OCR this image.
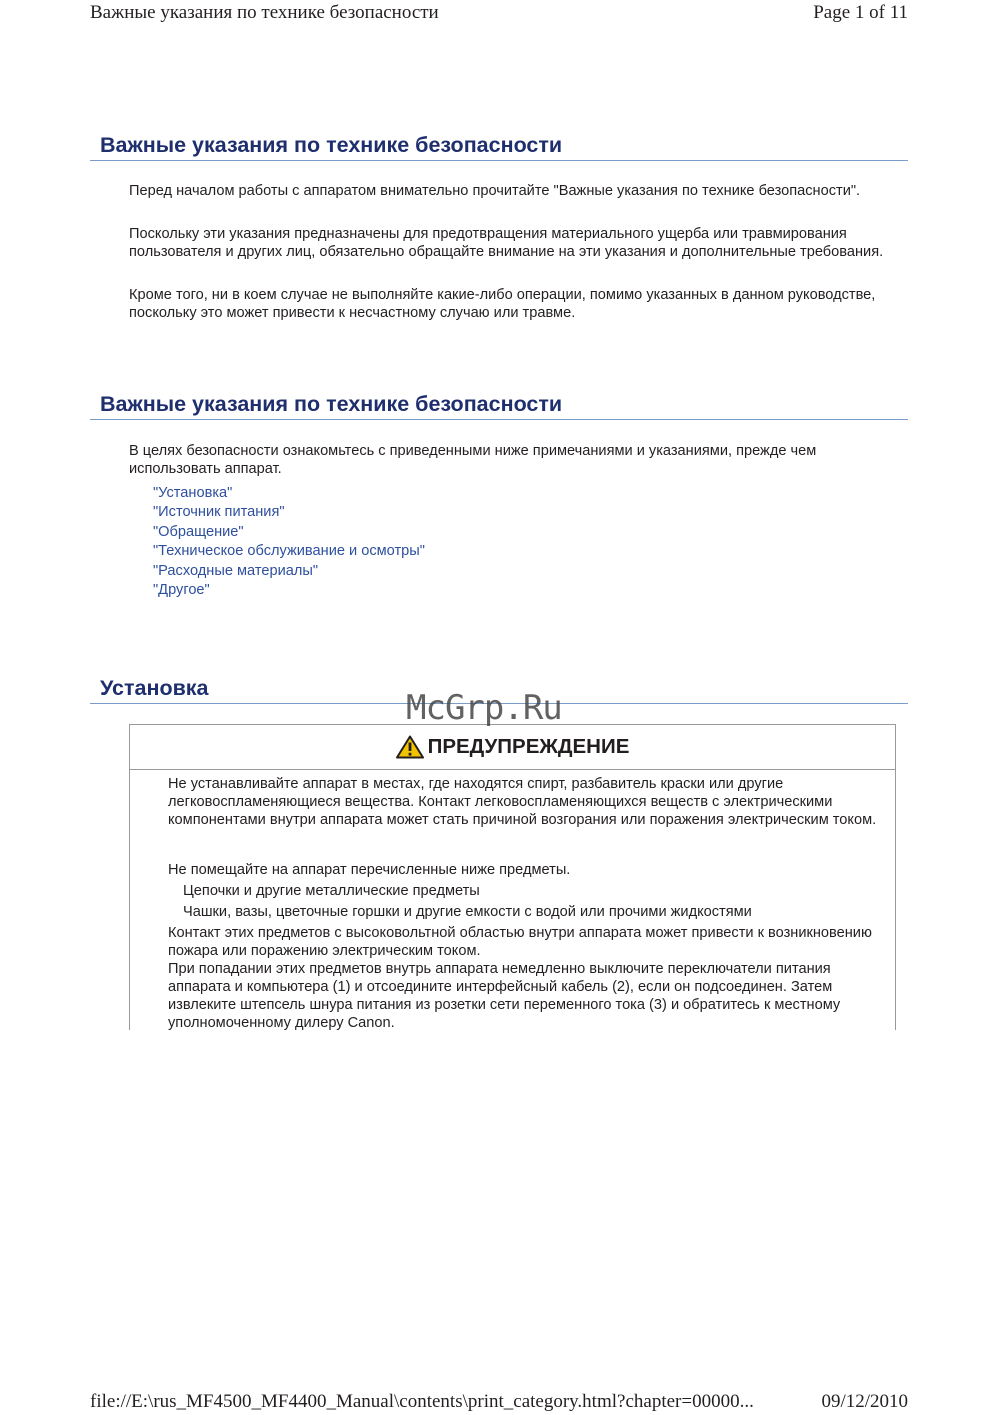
Важные указания по технике безопасности	Page 1 of 11
Важные указания по технике безопасности

Перед началом работы с аппаратом внимательно прочитайте "Важные указания по технике безопасности".

Поскольку эти указания предназначены для предотвращения материального ущерба или травмирования пользователя и других лиц, обязательно обращайте внимание на эти указания и дополнительные требования.

Кроме того, ни в коем случае не выполняйте какие-либо операции, помимо указанных в данном руководстве, поскольку это может привести к несчастному случаю или травме.

Важные указания по технике безопасности

В целях безопасности ознакомьтесь с приведенными ниже примечаниями и указаниями, прежде чем использовать аппарат.

"Установка"
"Источник питания"
"Обращение"
"Техническое обслуживание и осмотры"
"Расходные материалы"
"Другое"
Установка
ПРЕДУПРЕЖДЕНИЕ

Не устанавливайте аппарат в местах, где находятся спирт, разбавитель краски или другие легковоспламеняющиеся вещества. Контакт легковоспламеняющихся веществ с электрическими компонентами внутри аппарата может стать причиной возгорания или поражения электрическим током.

Не помещайте на аппарат перечисленные ниже предметы.

Цепочки и другие металлические предметы
Чашки, вазы, цветочные горшки и другие емкости с водой или прочими жидкостями

Контакт этих предметов с высоковольтной областью внутри аппарата может привести к возникновению пожара или поражению электрическим током.

При попадании этих предметов внутрь аппарата немедленно выключите переключатели питания аппарата и компьютера (1) и отсоедините интерфейсный кабель (2), если он подсоединен. Затем извлеките штепсель шнура питания из розетки сети переменного тока (3) и обратитесь к местному уполномоченному дилеру Canon.

McGrp.Ru
file://E:\rus_MF4500_MF4400_Manual\contents\print_category.html?chapter=00000...	09/12/2010
